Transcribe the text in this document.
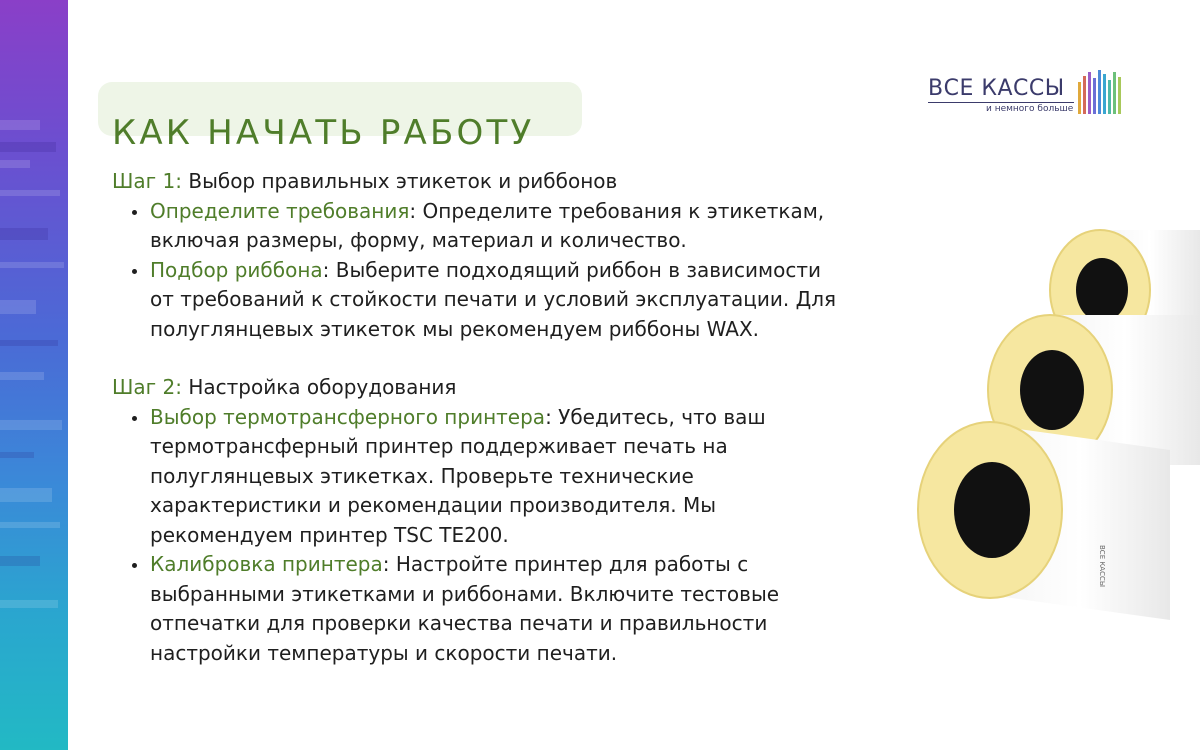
КАК НАЧАТЬ РАБОТУ
ВСЕ КАССЫ
и немного больше
Шаг 1: Выбор правильных этикеток и риббонов
Определите требования: Определите требования к этикеткам,
включая размеры, форму, материал и количество.
Подбор риббона: Выберите подходящий риббон в зависимости
от требований к стойкости печати и условий эксплуатации. Для
полуглянцевых этикеток мы рекомендуем риббоны WAX.
Шаг 2: Настройка оборудования
Выбор термотрансферного принтера: Убедитесь, что ваш
термотрансферный принтер поддерживает печать на
полуглянцевых этикетках. Проверьте технические
характеристики и рекомендации производителя. Мы
рекомендуем принтер TSC TE200.
Калибровка принтера: Настройте принтер для работы с
выбранными этикетками и риббонами. Включите тестовые
отпечатки для проверки качества печати и правильности
настройки температуры и скорости печати.
ВСЕ КАССЫ
